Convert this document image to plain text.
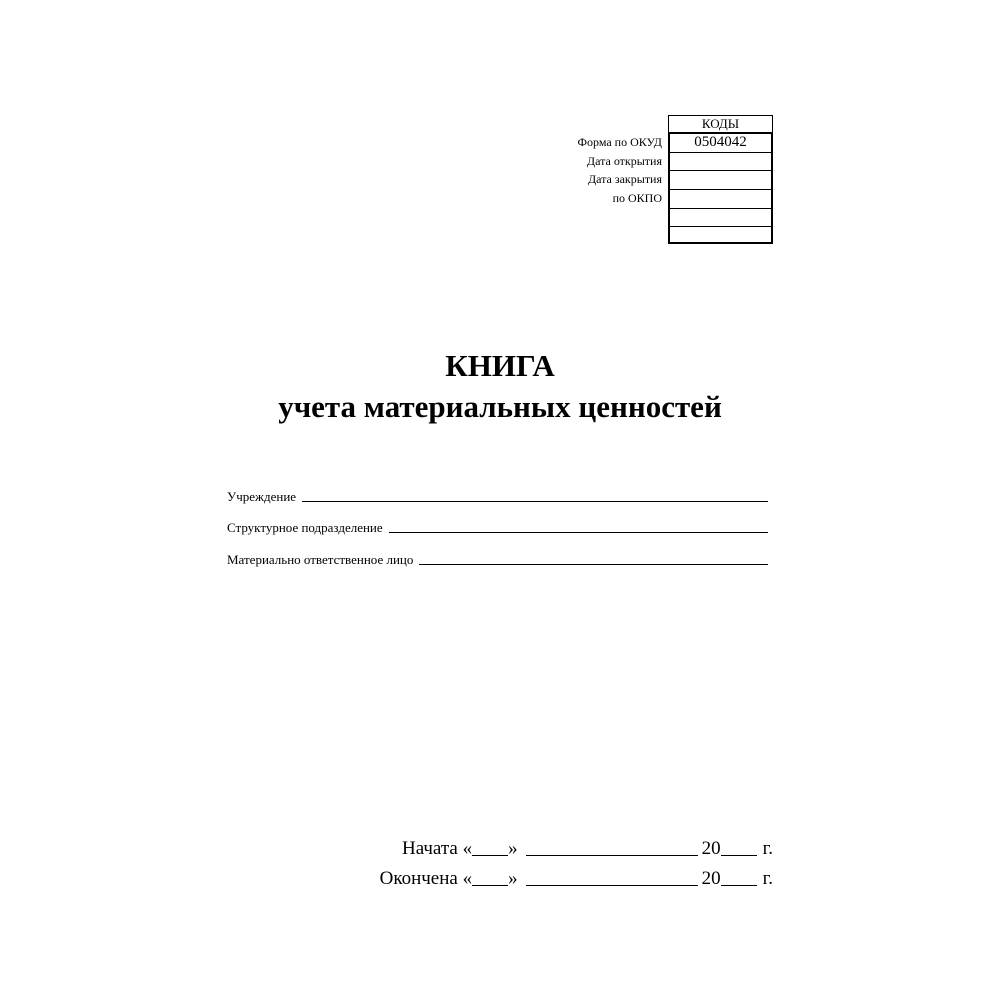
КОДЫ
0504042
Форма по ОКУД
Дата открытия
Дата закрытия
по ОКПО
КНИГА
учета материальных ценностей
Учреждение
Структурное подразделение
Материально ответственное лицо
Начата « »	20 г.
Окончена « »	20 г.
